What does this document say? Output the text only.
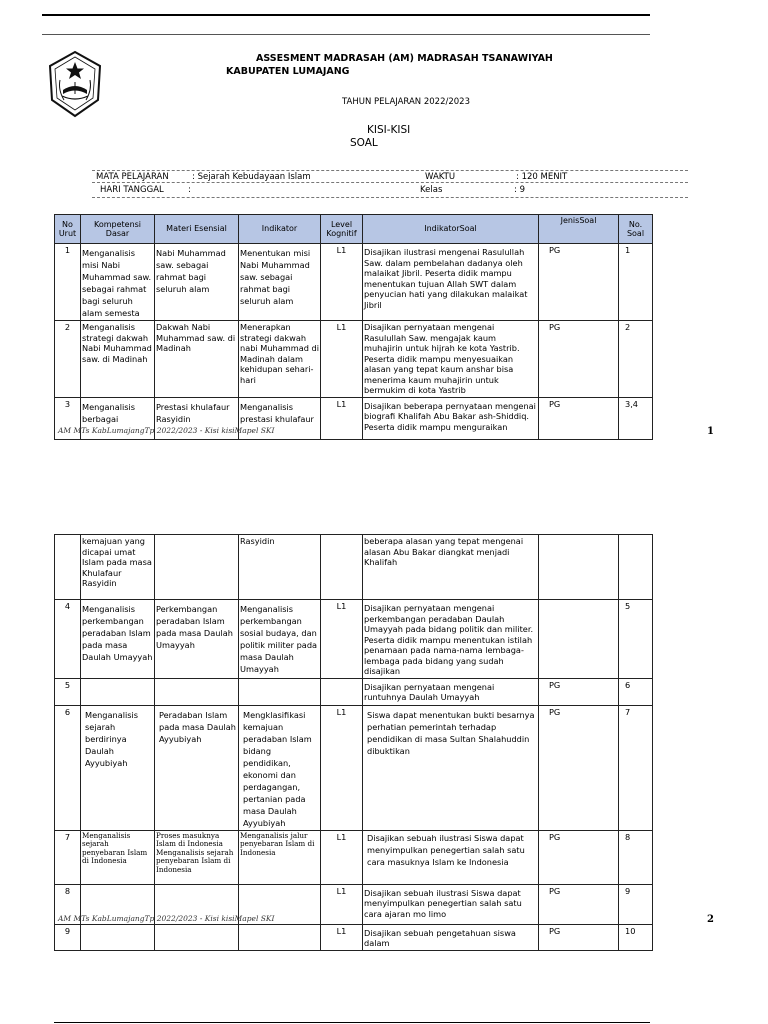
ASSESMENT MADRASAH (AM) MADRASAH TSANAWIYAH
KABUPATEN LUMAJANG
TAHUN PELAJARAN 2022/2023
KISI-KISI
SOAL
MATA PELAJARAN	: Sejarah Kebudayaan Islam	WAKTU	: 120 MENIT
HARI TANGGAL	:	Kelas	: 9
No Urut	Kompetensi Dasar	Materi Esensial	Indikator	Level Kognitif	IndikatorSoal	JenisSoal	No. Soal
1	Menganalisis misi Nabi Muhammad saw. sebagai rahmat bagi seluruh alam semesta	Nabi Muhammad saw. sebagai rahmat bagi seluruh alam	Menentukan misi Nabi Muhammad saw. sebagai rahmat bagi seluruh alam	L1	Disajikan ilustrasi mengenai Rasulullah Saw. dalam pembelahan dadanya oleh malaikat Jibril. Peserta didik mampu menentukan tujuan Allah SWT dalam penyucian hati yang dilakukan malaikat Jibril	PG	1
2	Menganalisis strategi dakwah Nabi Muhammad saw. di Madinah	Dakwah Nabi Muhammad saw. di Madinah	Menerapkan strategi dakwah nabi Muhammad di Madinah dalam kehidupan sehari-hari	L1	Disajikan pernyataan mengenai Rasulullah Saw. mengajak kaum muhajirin untuk hijrah ke kota Yastrib. Peserta didik mampu menyesuaikan alasan yang tepat kaum anshar bisa menerima kaum muhajirin untuk bermukim di kota Yastrib	PG	2
3	Menganalisis berbagai	Prestasi khulafaur Rasyidin	Menganalisis prestasi khulafaur	L1	Disajikan beberapa pernyataan mengenai biografi Khalifah Abu Bakar ash-Shiddiq. Peserta didik mampu menguraikan	PG	3,4
AM MTs KabLumajangTp 2022/2023 - Kisi kisiMapel SKI	1
	kemajuan yang dicapai umat Islam pada masa Khulafaur Rasyidin		Rasyidin		beberapa alasan yang tepat mengenai alasan Abu Bakar diangkat menjadi Khalifah		
4	Menganalisis perkembangan peradaban Islam pada masa Daulah Umayyah	Perkembangan peradaban Islam pada masa Daulah Umayyah	Menganalisis perkembangan sosial budaya, dan politik militer pada masa Daulah Umayyah	L1	Disajikan pernyataan mengenai perkembangan peradaban Daulah Umayyah pada bidang politik dan militer. Peserta didik mampu menentukan istilah penamaan pada nama-nama lembaga-lembaga pada bidang yang sudah disajikan		5
5					Disajikan pernyataan mengenai runtuhnya Daulah Umayyah	PG	6
6	Menganalisis sejarah berdirinya Daulah Ayyubiyah	Peradaban Islam pada masa Daulah Ayyubiyah	Mengklasifikasi kemajuan peradaban Islam bidang pendidikan, ekonomi dan perdagangan, pertanian pada masa Daulah Ayyubiyah	L1	Siswa dapat menentukan bukti besarnya perhatian pemerintah terhadap pendidikan di masa Sultan Shalahuddin dibuktikan	PG	7
7	Menganalisis sejarah penyebaran Islam di Indonesia	Proses masuknya Islam di Indonesia Menganalisis sejarah penyebaran Islam di Indonesia	Menganalisis jalur penyebaran Islam di Indonesia	L1	Disajikan sebuah ilustrasi Siswa dapat menyimpulkan penegertian salah satu cara masuknya Islam ke Indonesia	PG	8
8				L1	Disajikan sebuah ilustrasi Siswa dapat menyimpulkan penegertian salah satu cara ajaran mo limo	PG	9
9				L1	Disajikan sebuah pengetahuan siswa dalam	PG	10
AM MTs KabLumajangTp 2022/2023 - Kisi kisiMapel SKI	2
